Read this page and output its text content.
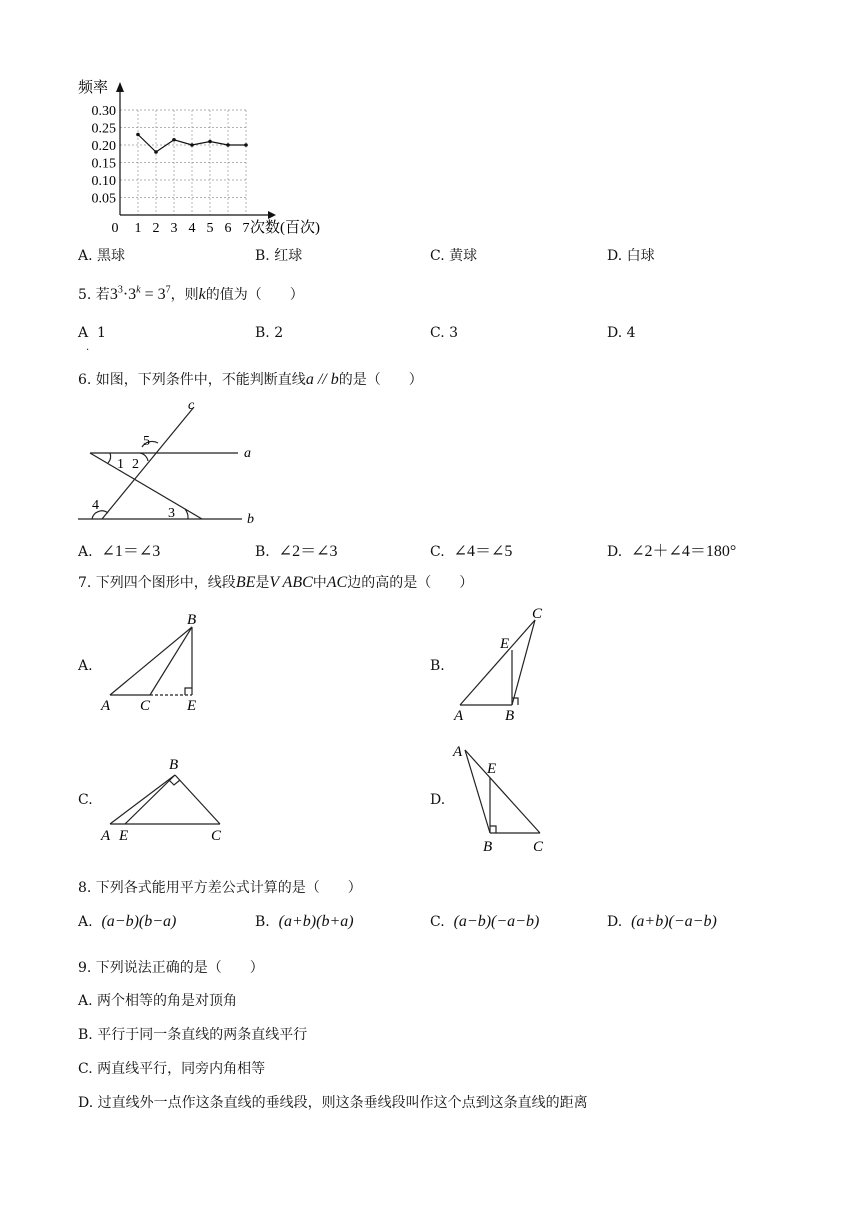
0.30
0.25
0.20
0.15
0.10
0.05
0 1 2 3 4 5 6 7
频率
次数(百次)
A. 黑球	B. 红球	C. 黄球	D. 白球
5. 若$3^3\cdot 3^k = 3^7$，则k的值为（　　）
A 1
.
B. 2	C. 3	D. 4
6. 如图，下列条件中，不能判断直线a // b的是（　　）
c
a
b
1 2
3
4
5
A. ∠1＝∠3	B. ∠2＝∠3	C. ∠4＝∠5	D. ∠2＋∠4＝180°
7. 下列四个图形中，线段BE是V ABC中AC边的高的是（　　）
A.
B
A C E
B.
C
E
A	B
C.
B
A E	C
D.
A
E
B	C
8. 下列各式能用平方差公式计算的是（　　）
A. (a−b)(b−a)	B. (a+b)(b+a)	C. (a−b)(−a−b)	D. (a+b)(−a−b)
9. 下列说法正确的是（　　）
A. 两个相等的角是对顶角
B. 平行于同一条直线的两条直线平行
C. 两直线平行，同旁内角相等
D. 过直线外一点作这条直线的垂线段，则这条垂线段叫作这个点到这条直线的距离
